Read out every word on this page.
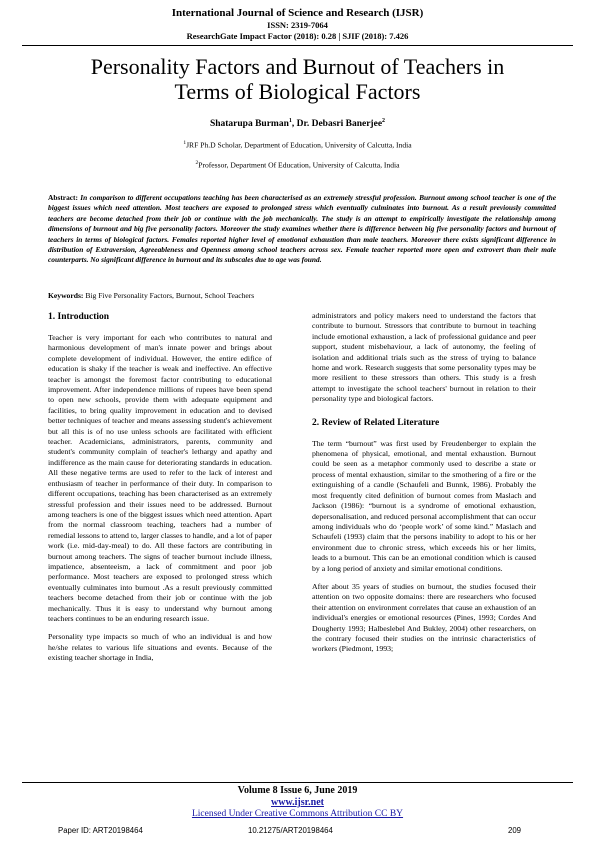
International Journal of Science and Research (IJSR)
ISSN: 2319-7064
ResearchGate Impact Factor (2018): 0.28 | SJIF (2018): 7.426
Personality Factors and Burnout of Teachers in
Terms of Biological Factors
Shatarupa Burman$^1$, Dr. Debasri Banerjee$^2$
$^1$JRF Ph.D Scholar, Department of Education, University of Calcutta, India
$^2$Professor, Department Of Education, University of Calcutta, India
Abstract: In comparison to different occupations teaching has been characterised as an extremely stressful profession. Burnout among school teacher is one of the biggest issues which need attention. Most teachers are exposed to prolonged stress which eventually culminates into burnout. As a result previously committed teachers are become detached from their job or continue with the job mechanically. The study is an attempt to empirically investigate the relationship among dimensions of burnout and big five personality factors. Moreover the study examines whether there is difference between big five personality factors and burnout of teachers in terms of biological factors. Females reported higher level of emotional exhaustion than male teachers. Moreover there exists significant difference in distribution of Extraversion, Agreeableness and Openness among school teachers across sex. Female teacher reported more open and extrovert than their male counterparts. No significant difference in burnout and its subscales due to age was found.
Keywords: Big Five Personality Factors, Burnout, School Teachers
1. Introduction

Teacher is very important for each who contributes to natural and harmonious development of man's innate power and brings about complete development of individual. However, the entire edifice of education is shaky if the teacher is weak and ineffective. An effective teacher is amongst the foremost factor contributing to educational improvement. After independence millions of rupees have been spend to open new schools, provide them with adequate equipment and facilities, to bring quality improvement in education and to devised better techniques of teacher and means assessing student's achievement but all this is of no use unless schools are facilitated with efficient teacher. Academicians, administrators, parents, community and student's community complain of teacher's lethargy and apathy and indifference as the main cause for deteriorating standards in education. All these negative terms are used to refer to the lack of interest and enthusiasm of teacher in performance of their duty. In comparison to different occupations, teaching has been characterised as an extremely stressful profession and their issues need to be addressed. Burnout among teachers is one of the biggest issues which need attention. Apart from the normal classroom teaching, teachers had a number of remedial lessons to attend to, larger classes to handle, and a lot of paper work (i.e. mid-day-meal) to do. All these factors are contributing in burnout among teachers. The signs of teacher burnout include illness, impatience, absenteeism, a lack of commitment and poor job performance. Most teachers are exposed to prolonged stress which eventually culminates into burnout .As a result previously committed teachers become detached from their job or continue with the job mechanically. Thus it is easy to understand why burnout among teachers continues to be an enduring research issue.

Personality type impacts so much of who an individual is and how he/she relates to various life situations and events. Because of the existing teacher shortage in India,

administrators and policy makers need to understand the factors that contribute to burnout. Stressors that contribute to burnout in teaching include emotional exhaustion, a lack of professional guidance and peer support, student misbehaviour, a lack of autonomy, the feeling of isolation and additional trials such as the stress of trying to balance home and work. Research suggests that some personality types may be more resilient to these stressors than others. This study is a fresh attempt to investigate the school teachers' burnout in relation to their personality type and biological factors.

2. Review of Related Literature

The term “burnout” was first used by Freudenberger to explain the phenomena of physical, emotional, and mental exhaustion. Burnout could be seen as a metaphor commonly used to describe a state or process of mental exhaustion, similar to the smothering of a fire or the extinguishing of a candle (Schaufeli and Bunnk, 1986). Probably the most frequently cited definition of burnout comes from Maslach and Jackson (1986): “burnout is a syndrome of emotional exhaustion, depersonalisation, and reduced personal accomplishment that can occur among individuals who do ‘people work’ of some kind.” Maslach and Schaufeli (1993) claim that the persons inability to adopt to his or her environment due to chronic stress, which exceeds his or her limits, leads to a burnout. This can be an emotional condition which is caused by a long period of anxiety and similar emotional conditions.

After about 35 years of studies on burnout, the studies focused their attention on two opposite domains: there are researchers who focused their attention on environment correlates that cause an exhaustion of an individual's energies or emotional resources (Pines, 1993; Cordes And Dougherty 1993; Halbeslebel And Bukley, 2004) other researchers, on the contrary focused their studies on the intrinsic characteristics of workers (Piedmont, 1993;

Volume 8 Issue 6, June 2019
www.ijsr.net
Licensed Under Creative Commons Attribution CC BY
Paper ID: ART20198464	10.21275/ART20198464	209
